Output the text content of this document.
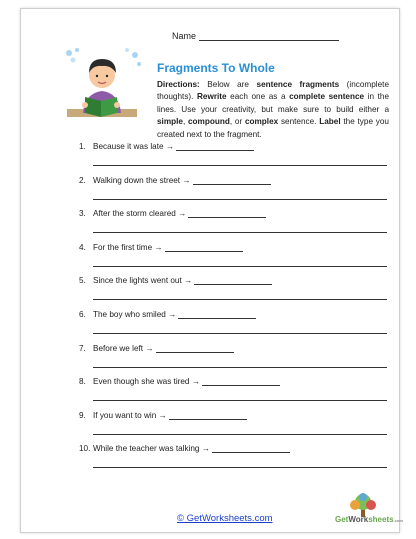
Name
Fragments To Whole
Directions: Below are sentence fragments (incomplete thoughts). Rewrite each one as a complete sentence in the lines. Use your creativity, but make sure to build either a simple, compound, or complex sentence. Label the type you created next to the fragment.
1. Because it was late →
2. Walking down the street →
3. After the storm cleared →
4. For the first time →
5. Since the lights went out →
6. The boy who smiled →
7. Before we left →
8. Even though she was tired →
9. If you want to win →
10. While the teacher was talking →
© GetWorksheets.com	GetWorksheets.com
